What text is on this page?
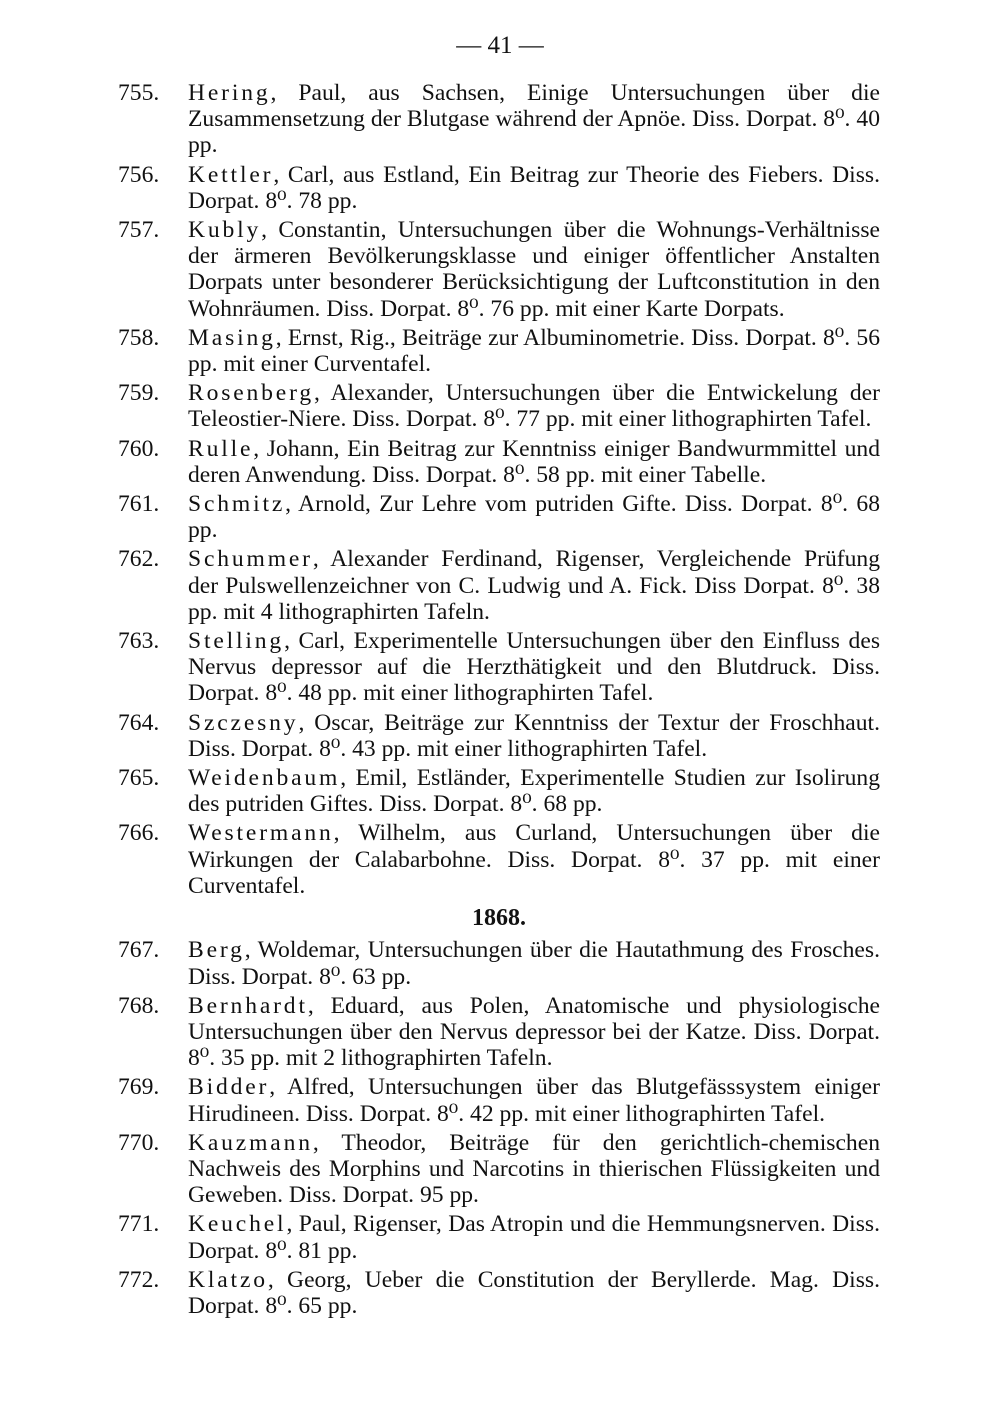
— 41 —
755. Hering, Paul, aus Sachsen, Einige Untersuchungen über die Zusammensetzung der Blutgase während der Apnöe. Diss. Dorpat. 8⁰. 40 pp.
756. Kettler, Carl, aus Estland, Ein Beitrag zur Theorie des Fiebers. Diss. Dorpat. 8⁰. 78 pp.
757. Kubly, Constantin, Untersuchungen über die Wohnungs-Verhältnisse der ärmeren Bevölkerungsklasse und einiger öffentlicher Anstalten Dorpats unter besonderer Berücksichtigung der Luftconstitution in den Wohnräumen. Diss. Dorpat. 8⁰. 76 pp. mit einer Karte Dorpats.
758. Masing, Ernst, Rig., Beiträge zur Albuminometrie. Diss. Dorpat. 8⁰. 56 pp. mit einer Curventafel.
759. Rosenberg, Alexander, Untersuchungen über die Entwickelung der Teleostier-Niere. Diss. Dorpat. 8⁰. 77 pp. mit einer lithographirten Tafel.
760. Rulle, Johann, Ein Beitrag zur Kenntniss einiger Bandwurmmittel und deren Anwendung. Diss. Dorpat. 8⁰. 58 pp. mit einer Tabelle.
761. Schmitz, Arnold, Zur Lehre vom putriden Gifte. Diss. Dorpat. 8⁰. 68 pp.
762. Schummer, Alexander Ferdinand, Rigenser, Vergleichende Prüfung der Pulswellenzeichner von C. Ludwig und A. Fick. Diss Dorpat. 8⁰. 38 pp. mit 4 lithographirten Tafeln.
763. Stelling, Carl, Experimentelle Untersuchungen über den Einfluss des Nervus depressor auf die Herzthätigkeit und den Blutdruck. Diss. Dorpat. 8⁰. 48 pp. mit einer lithographirten Tafel.
764. Szczesny, Oscar, Beiträge zur Kenntniss der Textur der Froschhaut. Diss. Dorpat. 8⁰. 43 pp. mit einer lithographirten Tafel.
765. Weidenbaum, Emil, Estländer, Experimentelle Studien zur Isolirung des putriden Giftes. Diss. Dorpat. 8⁰. 68 pp.
766. Westermann, Wilhelm, aus Curland, Untersuchungen über die Wirkungen der Calabarbohne. Diss. Dorpat. 8⁰. 37 pp. mit einer Curventafel.
1868.
767. Berg, Woldemar, Untersuchungen über die Hautathmung des Frosches. Diss. Dorpat. 8⁰. 63 pp.
768. Bernhardt, Eduard, aus Polen, Anatomische und physiologische Untersuchungen über den Nervus depressor bei der Katze. Diss. Dorpat. 8⁰. 35 pp. mit 2 lithographirten Tafeln.
769. Bidder, Alfred, Untersuchungen über das Blutgefässsystem einiger Hirudineen. Diss. Dorpat. 8⁰. 42 pp. mit einer lithographirten Tafel.
770. Kauzmann, Theodor, Beiträge für den gerichtlich-chemischen Nachweis des Morphins und Narcotins in thierischen Flüssigkeiten und Geweben. Diss. Dorpat. 95 pp.
771. Keuchel, Paul, Rigenser, Das Atropin und die Hemmungsnerven. Diss. Dorpat. 8⁰. 81 pp.
772. Klatzo, Georg, Ueber die Constitution der Beryllerde. Mag. Diss. Dorpat. 8⁰. 65 pp.
